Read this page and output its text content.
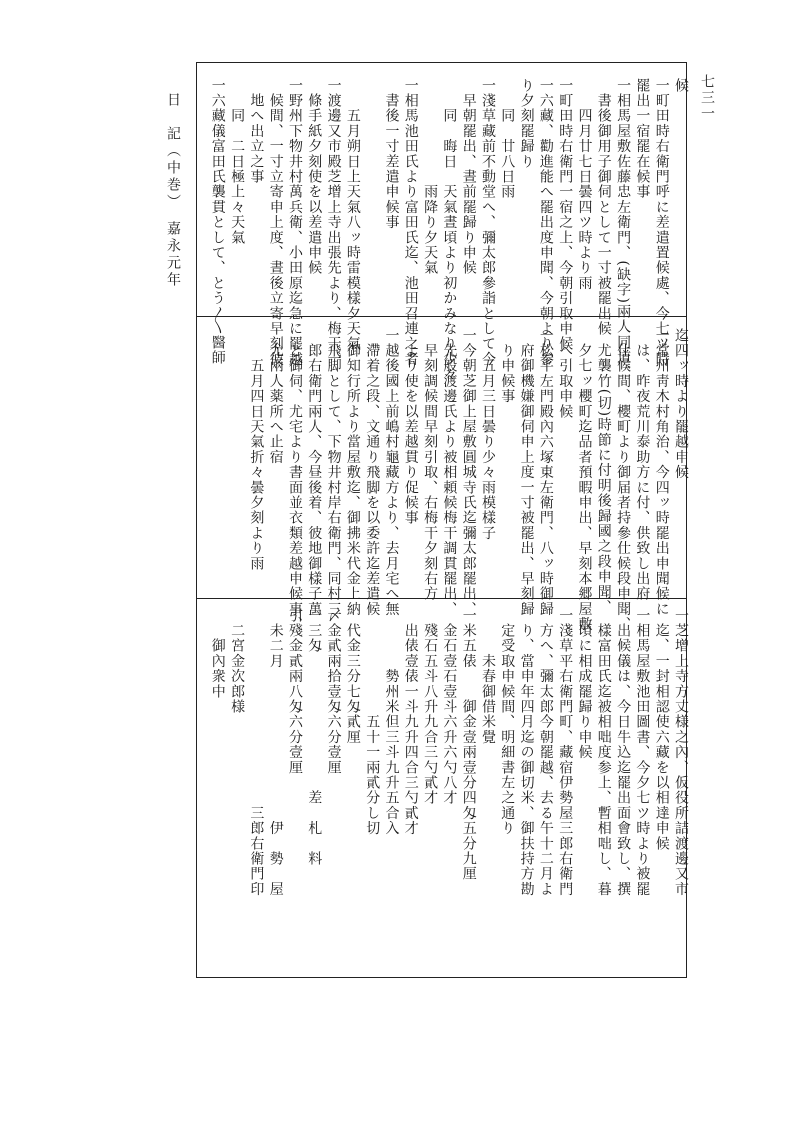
日　記（中巻）　嘉永元年	七三一
候
一町田時右衛門呼に差遣置候處、今七ツ時
罷出一宿罷在候事
一相馬屋敷佐藤忠左衛門、(缺字)兩人同道、
　書後御用子御伺として一寸被罷出候
　　四月廿七日曇四ツ時より雨
一町田時右衛門一宿之上、今朝引取申候
一六藏、勸進能へ罷出度申聞、今朝より参
り夕刻罷歸り
　　同　廿八日雨
一淺草藏前不動堂へ、彌太郎參詣として今
　早朝罷出、晝前罷歸り申候
　　同　晦日　天氣晝頃より初かみなり少々
　　　　　　　雨降り夕天氣
一相馬池田氏より富田氏迄、池田召連之者
　書後一寸差遣申候事
　　五月朔日上天氣八ッ時雷模樣夕天氣
一渡邊又市殿芝增上寺出張先より、梅干一
　條手紙夕刻使を以差遣申候
一野州下物井村萬兵衛、小田原迄急に罷越
　候間、一寸立寄申上度、晝後立寄早刻彼
　地へ出立之事
　　同　二日極上々天氣
一六藏儀富田氏襲貫として、とう〳〵醫師
迄四ッ時より罷越申候
一常州靑木村角治、今四ッ時罷出申聞候に
　は、昨夜荒川泰助方に付、供致し出府
　仕候間、櫻町より御届者持參仕候段申聞、
　尤襲竹(切)時節に付明後歸國之段申聞、
　夕七ッ櫻町迄品者預暇申出、早刻本郷屋敷
　へ引取申候
一松平左門殿內六塚東左衛門、八ッ時御歸
　府御機嫌御伺申上度一寸被罷出、早刻歸
　り申候事
　　五月三日曇り少々雨模樣子
一今朝芝御上屋敷圓城寺氏迄彌太郎罷出、
　先般渡邊氏より被相頼候梅干調貫罷出、
　早刻調候間早刻引取、右梅干夕刻右方
　より使を以差越貫り促候事
一越後國上前嶋村龜藏方より、去月宅へ無
　滯着之段、文通り飛脚を以委許迄差遣候
　御知行所より當屋敷迄、御拂米代金上納
　飛脚として、下物井村岸右衛門、同村三
　郎右衛門兩人、今昼後着、彼地御樣子萬
　と御伺、尤宅より書面並衣類差越申候事、
　尤兩人薬所へ止宿
　　五月四日天氣折々曇夕刻より雨
一芝增上寺方丈様之內、仮役所詰渡邊又市
　迄、一封相認使六藏を以相達申候
一相馬屋敷池田圖書、今夕七ツ時より被罷
　出候儀は、今日牛込迄罷出面會致し、撰
　樣富田氏迄被相咄度参上、暫相咄し、暮
　頃に相成罷歸り申候
一淺草平右衛門町、藏宿伊勢屋三郎右衛門
　方へ、彌太郎今朝罷越、去る午十二月よ
　り、當申年四月迄の御切米、御扶持方勘
　定受取申候間、明細書左之通り
　　　未春御借米覺
一米五俵　　御金壹兩壹分四匁五分九厘
　金石壹石壹斗六升六勺八才
　殘石五斗八升九合三勺貳才
　出俵壹俵一斗九升四合三勺貳才
　　　　勢州米但三斗九升五合入
　　　　　　　五十一兩貳分し切
　代金三分七匁貳厘
〆金貳兩拾壹匁六分壹厘
一三匁　　　　　　　　　差　札　料
引殘金貳兩八匁六分壹厘
　未二月　　　　　　　　　　伊　勢　屋
　　　　　　　　　　　　　三郎右衛門印
　二宮金次郎様
　　御內衆中
